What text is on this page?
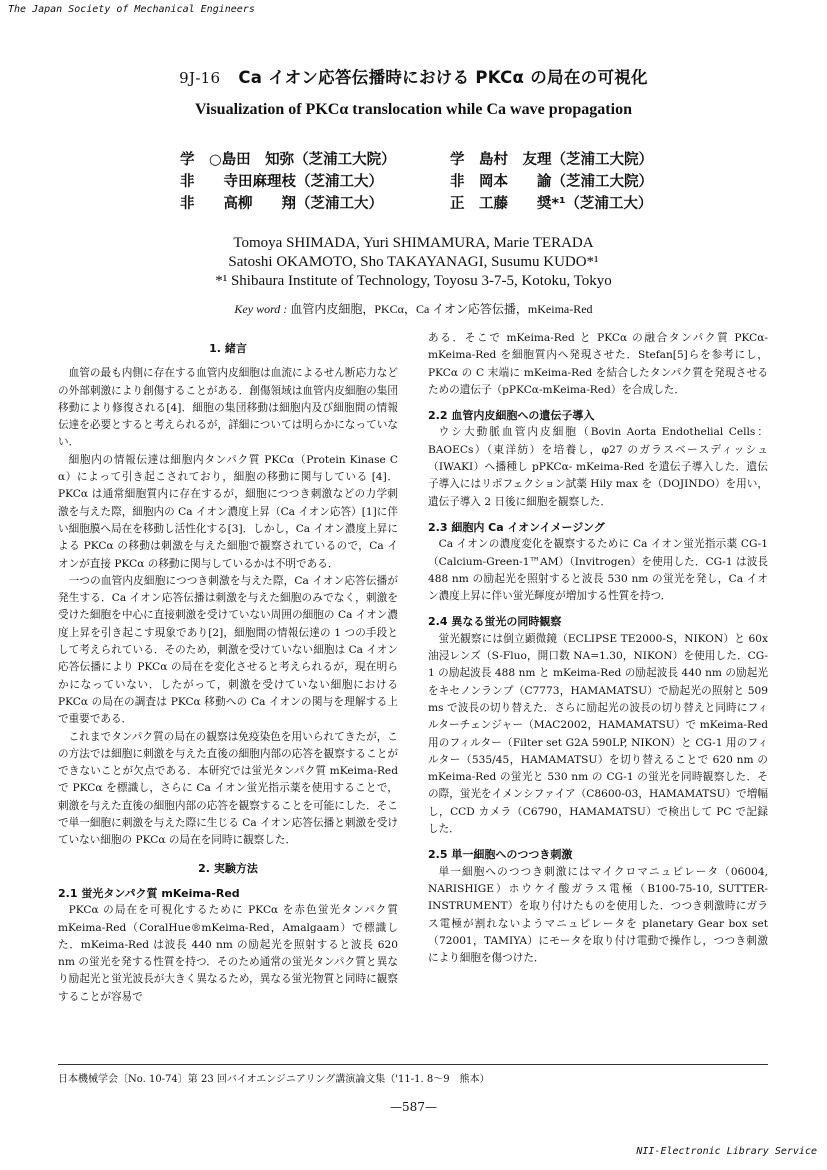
The Japan Society of Mechanical Engineers
9J-16 Ca イオン応答伝播時における PKCα の局在の可視化
Visualization of PKCα translocation while Ca wave propagation
学　○島田　知弥（芝浦工大院）	学　島村　友理（芝浦工大院）
非　　寺田麻理枝（芝浦工大）	非　岡本　　諭（芝浦工大院）
非　　高柳　　翔（芝浦工大）	正　工藤　　奨*¹（芝浦工大）
Tomoya SHIMADA, Yuri SHIMAMURA, Marie TERADA
Satoshi OKAMOTO, Sho TAKAYANAGI, Susumu KUDO*¹
*¹ Shibaura Institute of Technology, Toyosu 3-7-5, Kotoku, Tokyo
Key word : 血管内皮細胞，PKCα，Ca イオン応答伝播，mKeima-Red
1. 緒言

血管の最も内側に存在する血管内皮細胞は血流によるせん断応力などの外部刺激により創傷することがある．創傷領域は血管内皮細胞の集団移動により修復される[4]．細胞の集団移動は細胞内及び細胞間の情報伝達を必要とすると考えられるが，詳細については明らかになっていない．

細胞内の情報伝達は細胞内タンパク質 PKCα（Protein Kinase C α）によって引き起こされており，細胞の移動に関与している [4]．PKCα は通常細胞質内に存在するが，細胞につつき刺激などの力学刺激を与えた際，細胞内の Ca イオン濃度上昇（Ca イオン応答）[1]に伴い細胞膜へ局在を移動し活性化する[3]．しかし，Ca イオン濃度上昇による PKCα の移動は刺激を与えた細胞で観察されているので，Ca イオンが直接 PKCα の移動に関与しているかは不明である．

一つの血管内皮細胞につつき刺激を与えた際，Ca イオン応答伝播が発生する．Ca イオン応答伝播は刺激を与えた細胞のみでなく，刺激を受けた細胞を中心に直接刺激を受けていない周囲の細胞の Ca イオン濃度上昇を引き起こす現象であり[2]，細胞間の情報伝達の 1 つの手段として考えられている．そのため，刺激を受けていない細胞は Ca イオン応答伝播により PKCα の局在を変化させると考えられるが，現在明らかになっていない．したがって，刺激を受けていない細胞における PKCα の局在の調査は PKCα 移動への Ca イオンの関与を理解する上で重要である．

これまでタンパク質の局在の観察は免疫染色を用いられてきたが，この方法では細胞に刺激を与えた直後の細胞内部の応答を観察することができないことが欠点である．本研究では蛍光タンパク質 mKeima-Red で PKCα を標識し，さらに Ca イオン蛍光指示薬を使用することで，刺激を与えた直後の細胞内部の応答を観察することを可能にした．そこで単一細胞に刺激を与えた際に生じる Ca イオン応答伝播と刺激を受けていない細胞の PKCα の局在を同時に観察した．

2. 実験方法
2.1 蛍光タンパク質 mKeima-Red

PKCα の局在を可視化するために PKCα を赤色蛍光タンパク質 mKeima-Red（CoralHue®mKeima-Red，Amalgaam）で標識した．mKeima-Red は波長 440 nm の励起光を照射すると波長 620 nm の蛍光を発する性質を持つ．そのため通常の蛍光タンパク質と異なり励起光と蛍光波長が大きく異なるため，異なる蛍光物質と同時に観察することが容易で

ある．そこで mKeima-Red と PKCα の融合タンパク質 PKCα-mKeima-Red を細胞質内へ発現させた．Stefan[5]らを参考にし，PKCα の C 末端に mKeima-Red を結合したタンパク質を発現させるための遺伝子（pPKCα-mKeima-Red）を合成した．

2.2 血管内皮細胞への遺伝子導入

ウシ大動脈血管内皮細胞（Bovin Aorta Endothelial Cells：BAOECs）（東洋紡）を培養し，φ27 のガラスベースディッシュ（IWAKI）へ播種し pPKCα- mKeima-Red を遺伝子導入した．遺伝子導入にはリポフェクション試薬 Hily max を（DOJINDO）を用い，遺伝子導入 2 日後に細胞を観察した．

2.3 細胞内 Ca イオンイメージング

Ca イオンの濃度変化を観察するために Ca イオン蛍光指示薬 CG-1（Calcium-Green-1™AM）（Invitrogen）を使用した．CG-1 は波長 488 nm の励起光を照射すると波長 530 nm の蛍光を発し，Ca イオン濃度上昇に伴い蛍光輝度が増加する性質を持つ．

2.4 異なる蛍光の同時観察

蛍光観察には倒立顕微鏡（ECLIPSE TE2000-S，NIKON）と 60x 油浸レンズ（S-Fluo，開口数 NA=1.30，NIKON）を使用した．CG-1 の励起波長 488 nm と mKeima-Red の励起波長 440 nm の励起光をキセノンランプ（C7773，HAMAMATSU）で励起光の照射と 509 ms で波長の切り替えた．さらに励起光の波長の切り替えと同時にフィルターチェンジャー（MAC2002，HAMAMATSU）で mKeima-Red 用のフィルター（Filter set G2A 590LP, NIKON）と CG-1 用のフィルター（535/45，HAMAMATSU）を切り替えることで 620 nm の mKeima-Red の蛍光と 530 nm の CG-1 の蛍光を同時観察した．その際，蛍光をイメンシファイア（C8600-03，HAMAMATSU）で増幅し，CCD カメラ（C6790，HAMAMATSU）で検出して PC で記録した．

2.5 単一細胞へのつつき刺激

単一細胞へのつつき刺激にはマイクロマニュピレータ（06004, NARISHIGE）ホウケイ酸ガラス電極（B100-75-10, SUTTER-INSTRUMENT）を取り付けたものを使用した．つつき刺激時にガラス電極が割れないようマニュピレータを planetary Gear box set（72001，TAMIYA）にモータを取り付け電動で操作し，つつき刺激により細胞を傷つけた．

日本機械学会〔No. 10-74〕第 23 回バイオエンジニアリング講演論文集（'11-1. 8〜9　熊本）
—587—
NII-Electronic Library Service
